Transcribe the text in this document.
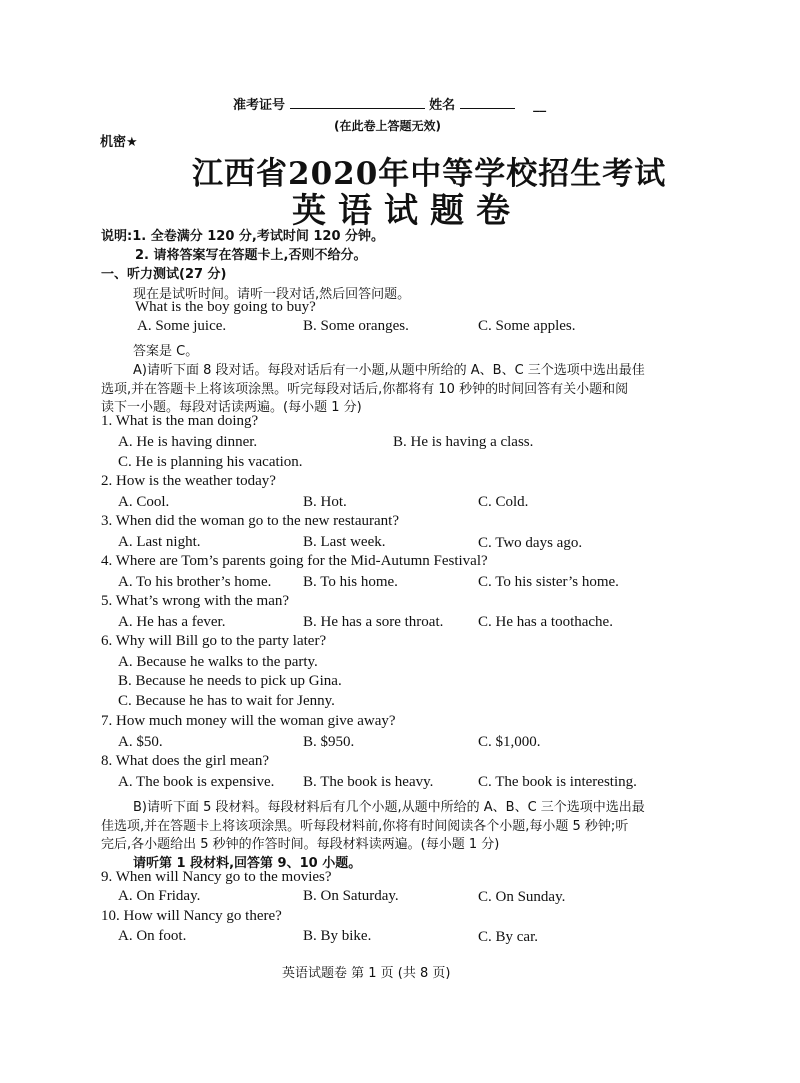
准考证号	姓名	__
(在此卷上答题无效)
机密★
江西省2020年中等学校招生考试
英语试题卷
说明:1. 全卷满分 120 分,考试时间 120 分钟。
2. 请将答案写在答题卡上,否则不给分。
一、听力测试(27 分)
现在是试听时间。请听一段对话,然后回答问题。
What is the boy going to buy?
A. Some juice.	B. Some oranges.	C. Some apples.
答案是 C。
A)请听下面 8 段对话。每段对话后有一小题,从题中所给的 A、B、C 三个选项中选出最佳
选项,并在答题卡上将该项涂黑。听完每段对话后,你都将有 10 秒钟的时间回答有关小题和阅
读下一小题。每段对话读两遍。(每小题 1 分)
1. What is the man doing?
A. He is having dinner.	B. He is having a class.
C. He is planning his vacation.
2. How is the weather today?
A. Cool.	B. Hot.	C. Cold.
3. When did the woman go to the new restaurant?
A. Last night.	B. Last week.	C. Two days ago.
4. Where are Tom’s parents going for the Mid-Autumn Festival?
A. To his brother’s home. B. To his home.	C. To his sister’s home.
5. What’s wrong with the man?
A. He has a fever.	B. He has a sore throat. C. He has a toothache.
6. Why will Bill go to the party later?
A. Because he walks to the party.
B. Because he needs to pick up Gina.
C. Because he has to wait for Jenny.
7. How much money will the woman give away?
A. $50.	B. $950.	C. $1,000.
8. What does the girl mean?
A. The book is expensive. B. The book is heavy.	C. The book is interesting.
B)请听下面 5 段材料。每段材料后有几个小题,从题中所给的 A、B、C 三个选项中选出最
佳选项,并在答题卡上将该项涂黑。听每段材料前,你将有时间阅读各个小题,每小题 5 秒钟;听
完后,各小题给出 5 秒钟的作答时间。每段材料读两遍。(每小题 1 分)
请听第 1 段材料,回答第 9、10 小题。
9. When will Nancy go to the movies?
A. On Friday.	B. On Saturday.	C. On Sunday.
10. How will Nancy go there?
A. On foot.	B. By bike.	C. By car.
英语试题卷 第 1 页 (共 8 页)
